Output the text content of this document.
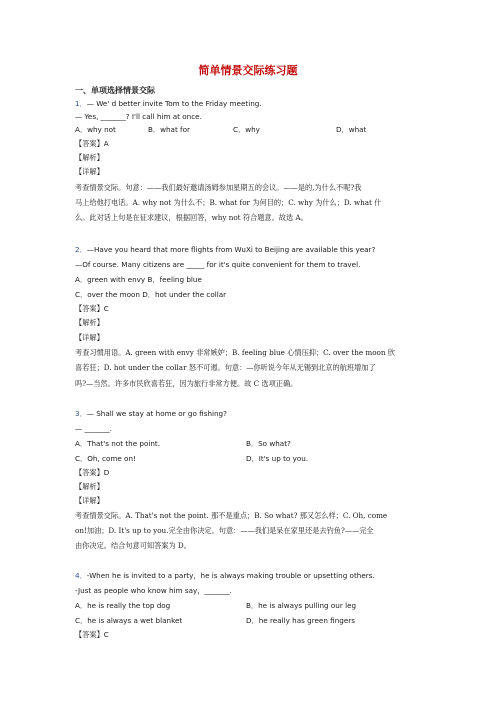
简单情景交际练习题
一、单项选择情景交际
1．— We' d better invite Tom to the Friday meeting.
— Yes, _______? I'll call him at once.
A．why not	B．what for	C．why	D．what
【答案】A
【解析】
【详解】
考查情景交际。句意：——我们最好邀请汤姆参加星期五的会议。——是的,为什么不呢?我
马上给他打电话。A. why not 为什么不；B. what for 为何目的；C. why 为什么；D. what 什
么。此对话上句是在征求建议，根据回答，why not 符合题意。故选 A。
2．—Have you heard that more flights from WuXi to Beijing are available this year?
—Of course. Many citizens are _____ for it's quite convenient for them to travel.
A．green with envy B．feeling blue
C．over the moon D．hot under the collar
【答案】C
【解析】
【详解】
考查习惯用语。A. green with envy 非常嫉妒；B. feeling blue 心情压抑；C. over the moon 欣
喜若狂；D. hot under the collar 怒不可遏。句意：—你听说今年从无锡到北京的航班增加了
吗?—当然。许多市民欣喜若狂，因为旅行非常方便。故 C 选项正确。
3．— Shall we stay at home or go fishing?
— _______.
A．That's not the point.	B．So what?
C．Oh, come on!	D．It's up to you.
【答案】D
【解析】
【详解】
考查情景交际。A. That's not the point. 那不是重点；B. So what? 那又怎么样；C. Oh, come
on!加油；D. It's up to you.完全由你决定。句意：——我们是呆在家里还是去钓鱼?——完全
由你决定。结合句意可知答案为 D。
4．-When he is invited to a party，he is always making trouble or upsetting others.
-Just as people who know him say，_______.
A．he is really the top dog	B．he is always pulling our leg
C．he is always a wet blanket	D．he really has green fingers
【答案】C
